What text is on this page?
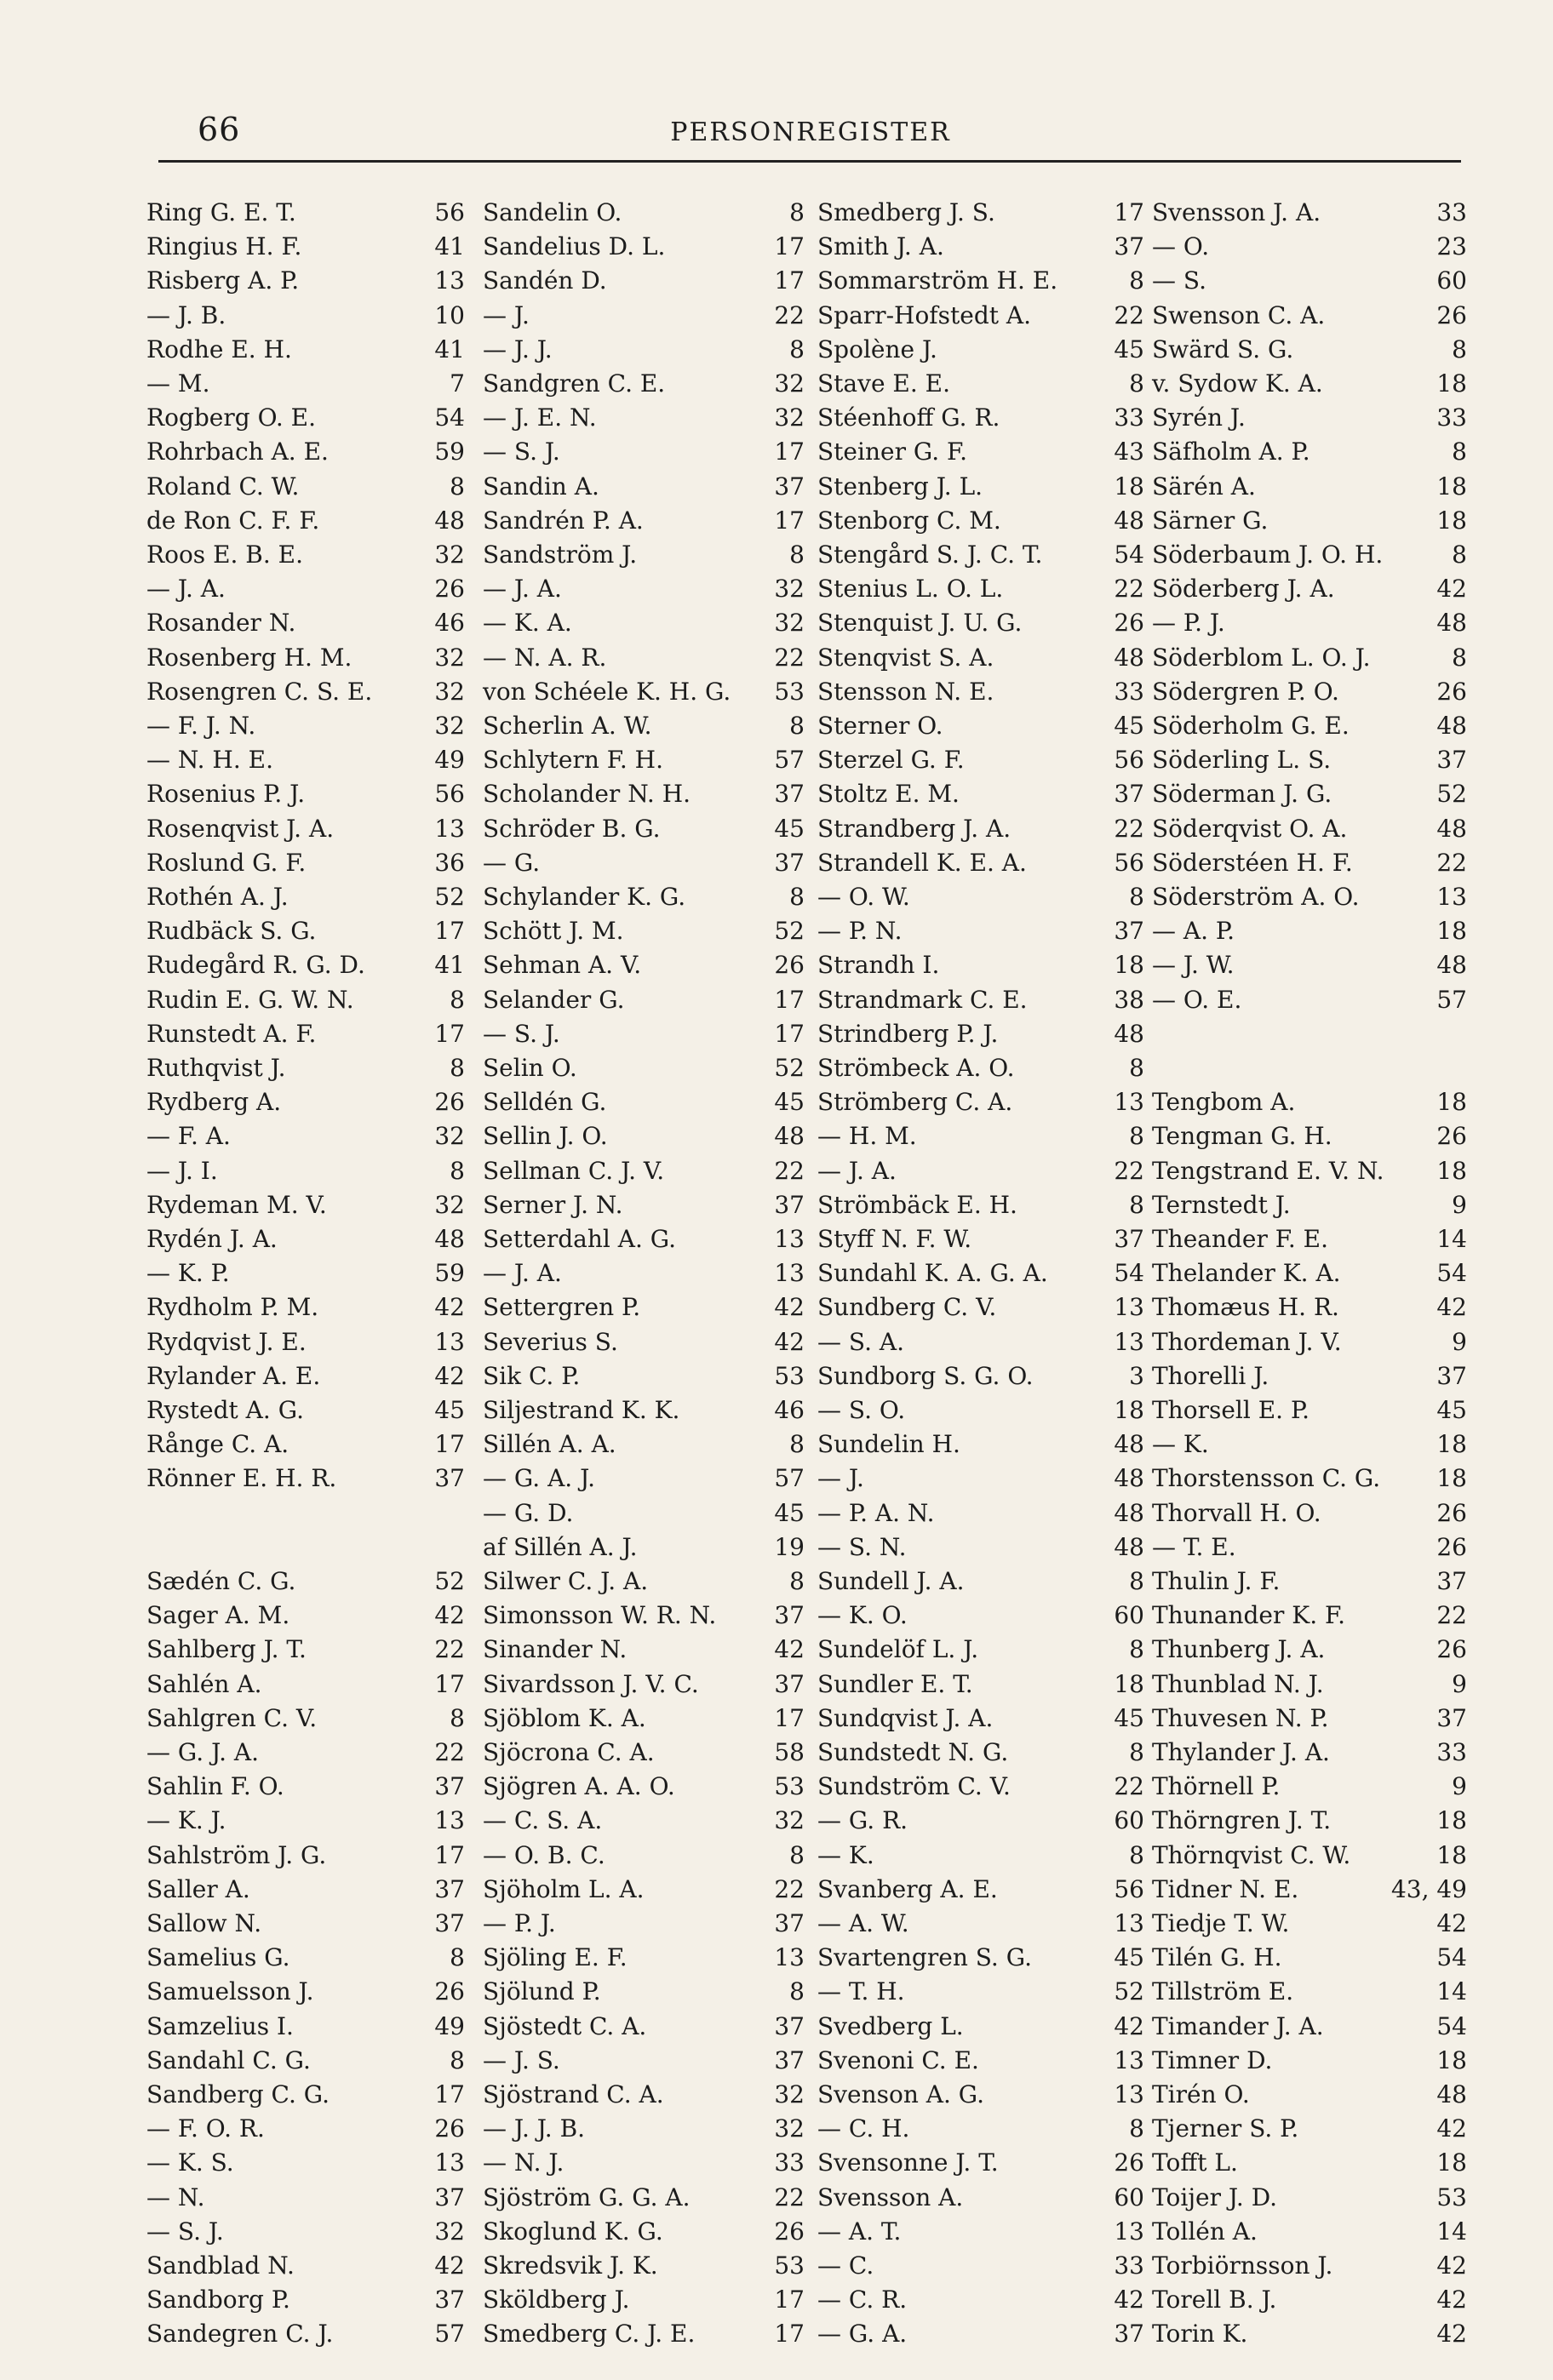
66	PERSONREGISTER
Ring G. E. T.	56
Ringius H. F.	41
Risberg A. P.	13
— J. B.	10
Rodhe E. H.	41
— M.	7
Rogberg O. E.	54
Rohrbach A. E.	59
Roland C. W.	8
de Ron C. F. F.	48
Roos E. B. E.	32
— J. A.	26
Rosander N.	46
Rosenberg H. M.	32
Rosengren C. S. E.	32
— F. J. N.	32
— N. H. E.	49
Rosenius P. J.	56
Rosenqvist J. A.	13
Roslund G. F.	36
Rothén A. J.	52
Rudbäck S. G.	17
Rudegård R. G. D.	41
Rudin E. G. W. N.	8
Runstedt A. F.	17
Ruthqvist J.	8
Rydberg A.	26
— F. A.	32
— J. I.	8
Rydeman M. V.	32
Rydén J. A.	48
— K. P.	59
Rydholm P. M.	42
Rydqvist J. E.	13
Rylander A. E.	42
Rystedt A. G.	45
Rånge C. A.	17
Rönner E. H. R.	37
Sædén C. G.	52
Sager A. M.	42
Sahlberg J. T.	22
Sahlén A.	17
Sahlgren C. V.	8
— G. J. A.	22
Sahlin F. O.	37
— K. J.	13
Sahlström J. G.	17
Saller A.	37
Sallow N.	37
Samelius G.	8
Samuelsson J.	26
Samzelius I.	49
Sandahl C. G.	8
Sandberg C. G.	17
— F. O. R.	26
— K. S.	13
— N.	37
— S. J.	32
Sandblad N.	42
Sandborg P.	37
Sandegren C. J.	57
Sandelin O.	8
Sandelius D. L.	17
Sandén D.	17
— J.	22
— J. J.	8
Sandgren C. E.	32
— J. E. N.	32
— S. J.	17
Sandin A.	37
Sandrén P. A.	17
Sandström J.	8
— J. A.	32
— K. A.	32
— N. A. R.	22
von Schéele K. H. G.	53
Scherlin A. W.	8
Schlytern F. H.	57
Scholander N. H.	37
Schröder B. G.	45
— G.	37
Schylander K. G.	8
Schött J. M.	52
Sehman A. V.	26
Selander G.	17
— S. J.	17
Selin O.	52
Selldén G.	45
Sellin J. O.	48
Sellman C. J. V.	22
Serner J. N.	37
Setterdahl A. G.	13
— J. A.	13
Settergren P.	42
Severius S.	42
Sik C. P.	53
Siljestrand K. K.	46
Sillén A. A.	8
— G. A. J.	57
— G. D.	45
af Sillén A. J.	19
Silwer C. J. A.	8
Simonsson W. R. N.	37
Sinander N.	42
Sivardsson J. V. C.	37
Sjöblom K. A.	17
Sjöcrona C. A.	58
Sjögren A. A. O.	53
— C. S. A.	32
— O. B. C.	8
Sjöholm L. A.	22
— P. J.	37
Sjöling E. F.	13
Sjölund P.	8
Sjöstedt C. A.	37
— J. S.	37
Sjöstrand C. A.	32
— J. J. B.	32
— N. J.	33
Sjöström G. G. A.	22
Skoglund K. G.	26
Skredsvik J. K.	53
Sköldberg J.	17
Smedberg C. J. E.	17
Smedberg J. S.	17
Smith J. A.	37
Sommarström H. E.	8
Sparr-Hofstedt A.	22
Spolène J.	45
Stave E. E.	8
Stéenhoff G. R.	33
Steiner G. F.	43
Stenberg J. L.	18
Stenborg C. M.	48
Stengård S. J. C. T.	54
Stenius L. O. L.	22
Stenquist J. U. G.	26
Stenqvist S. A.	48
Stensson N. E.	33
Sterner O.	45
Sterzel G. F.	56
Stoltz E. M.	37
Strandberg J. A.	22
Strandell K. E. A.	56
— O. W.	8
— P. N.	37
Strandh I.	18
Strandmark C. E.	38
Strindberg P. J.	48
Strömbeck A. O.	8
Strömberg C. A.	13
— H. M.	8
— J. A.	22
Strömbäck E. H.	8
Styff N. F. W.	37
Sundahl K. A. G. A.	54
Sundberg C. V.	13
— S. A.	13
Sundborg S. G. O.	3
— S. O.	18
Sundelin H.	48
— J.	48
— P. A. N.	48
— S. N.	48
Sundell J. A.	8
— K. O.	60
Sundelöf L. J.	8
Sundler E. T.	18
Sundqvist J. A.	45
Sundstedt N. G.	8
Sundström C. V.	22
— G. R.	60
— K.	8
Svanberg A. E.	56
— A. W.	13
Svartengren S. G.	45
— T. H.	52
Svedberg L.	42
Svenoni C. E.	13
Svenson A. G.	13
— C. H.	8
Svensonne J. T.	26
Svensson A.	60
— A. T.	13
— C.	33
— C. R.	42
— G. A.	37
Svensson J. A.	33
— O.	23
— S.	60
Swenson C. A.	26
Swärd S. G.	8
v. Sydow K. A.	18
Syrén J.	33
Säfholm A. P.	8
Särén A.	18
Särner G.	18
Söderbaum J. O. H.	8
Söderberg J. A.	42
— P. J.	48
Söderblom L. O. J.	8
Södergren P. O.	26
Söderholm G. E.	48
Söderling L. S.	37
Söderman J. G.	52
Söderqvist O. A.	48
Söderstéen H. F.	22
Söderström A. O.	13
— A. P.	18
— J. W.	48
— O. E.	57
Tengbom A.	18
Tengman G. H.	26
Tengstrand E. V. N.	18
Ternstedt J.	9
Theander F. E.	14
Thelander K. A.	54
Thomæus H. R.	42
Thordeman J. V.	9
Thorelli J.	37
Thorsell E. P.	45
— K.	18
Thorstensson C. G.	18
Thorvall H. O.	26
— T. E.	26
Thulin J. F.	37
Thunander K. F.	22
Thunberg J. A.	26
Thunblad N. J.	9
Thuvesen N. P.	37
Thylander J. A.	33
Thörnell P.	9
Thörngren J. T.	18
Thörnqvist C. W.	18
Tidner N. E.	43, 49
Tiedje T. W.	42
Tilén G. H.	54
Tillström E.	14
Timander J. A.	54
Timner D.	18
Tirén O.	48
Tjerner S. P.	42
Tofft L.	18
Toijer J. D.	53
Tollén A.	14
Torbiörnsson J.	42
Torell B. J.	42
Torin K.	42
